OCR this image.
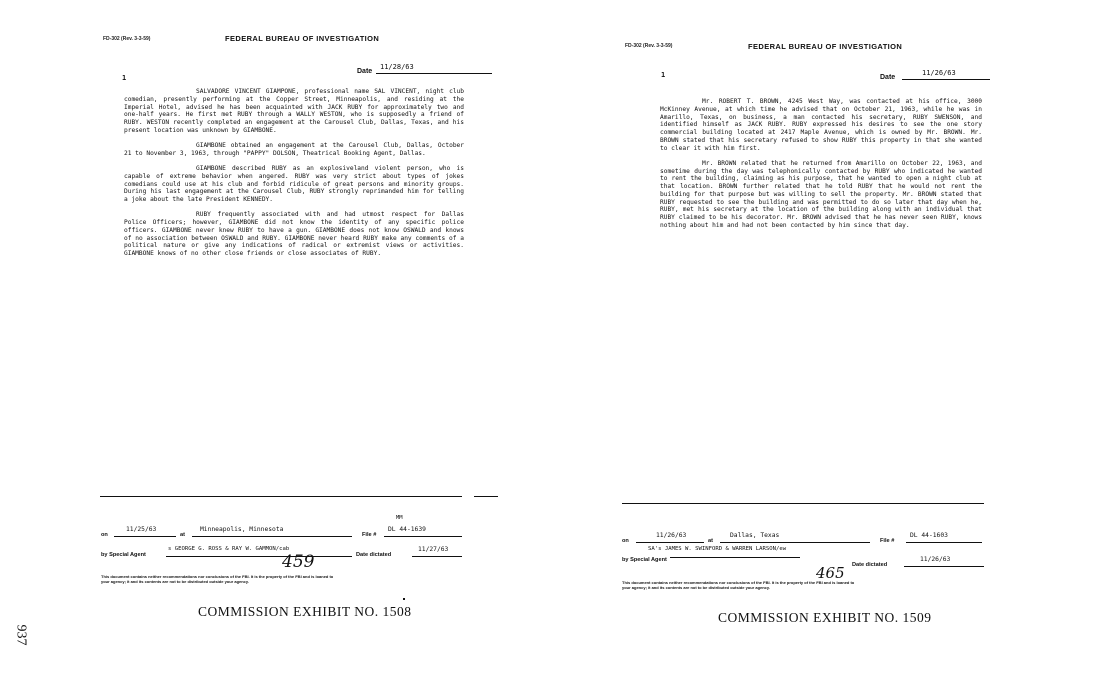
FD-302 (Rev. 3-3-59)	FEDERAL BUREAU OF INVESTIGATION
1
Date
11/28/63

SALVADORE VINCENT GIAMPONE, professional name SAL VINCENT, night club comedian, presently performing at the Copper Street, Minneapolis, and residing at the Imperial Hotel, advised he has been acquainted with JACK RUBY for approximately two and one-half years. He first met RUBY through a WALLY WESTON, who is supposedly a friend of RUBY. WESTON recently completed an engagement at the Carousel Club, Dallas, Texas, and his present location was unknown by GIAMBONE.

GIAMBONE obtained an engagement at the Carousel Club, Dallas, October 21 to November 3, 1963, through "PAPPY" DOLSON, Theatrical Booking Agent, Dallas.

GIAMBONE described RUBY as an explosiveland violent person, who is capable of extreme behavior when angered. RUBY was very strict about types of jokes comedians could use at his club and forbid ridicule of great persons and minority groups. During his last engagement at the Carousel Club, RUBY strongly reprimanded him for telling a joke about the late President KENNEDY.

RUBY frequently associated with and had utmost respect for Dallas Police Officers; however, GIAMBONE did not know the identity of any specific police officers. GIAMBONE never knew RUBY to have a gun. GIAMBONE does not know OSWALD and knows of no association between OSWALD and RUBY. GIAMBONE never heard RUBY make any comments of a political nature or give any indications of radical or extremist views or activities. GIAMBONE knows of no other close friends or close associates of RUBY.

on
11/25/63
at
Minneapolis, Minnesota
File #
MM
DL 44-1639
by Special Agent
s GEORGE G. ROSS & RAY W. GAMMON/cab
Date dictated
11/27/63
459
This document contains neither recommendations nor conclusions of the FBI. It is the property of the FBI and is loaned to
your agency; it and its contents are not to be distributed outside your agency.
COMMISSION EXHIBIT NO. 1508
FD-302 (Rev. 3-3-59)	FEDERAL BUREAU OF INVESTIGATION
1	Date
11/26/63

Mr. ROBERT T. BROWN, 4245 West Way, was contacted at his office, 3000 McKinney Avenue, at which time he advised that on October 21, 1963, while he was in Amarillo, Texas, on business, a man contacted his secretary, RUBY SWENSON, and identified himself as JACK RUBY. RUBY expressed his desires to see the one story commercial building located at 2417 Maple Avenue, which is owned by Mr. BROWN. Mr. BROWN stated that his secretary refused to show RUBY this property in that she wanted to clear it with him first.

Mr. BROWN related that he returned from Amarillo on October 22, 1963, and sometime during the day was telephonically contacted by RUBY who indicated he wanted to rent the building, claiming as his purpose, that he wanted to open a night club at that location. BROWN further related that he told RUBY that he would not rent the building for that purpose but was willing to sell the property. Mr. BROWN stated that RUBY requested to see the building and was permitted to do so later that day when he, RUBY, met his secretary at the location of the building along with an individual that RUBY claimed to be his decorator. Mr. BROWN advised that he has never seen RUBY, knows nothing about him and had not been contacted by him since that day.

on
11/26/63
at
Dallas, Texas
File #
DL 44-1603
by Special Agent
SA's JAMES W. SWINFORD & WARREN LARSON/ew
Date dictated
11/26/63
465
This document contains neither recommendations nor conclusions of the FBI. It is the property of the FBI and is loaned to
your agency; it and its contents are not to be distributed outside your agency.
COMMISSION EXHIBIT NO. 1509
937
